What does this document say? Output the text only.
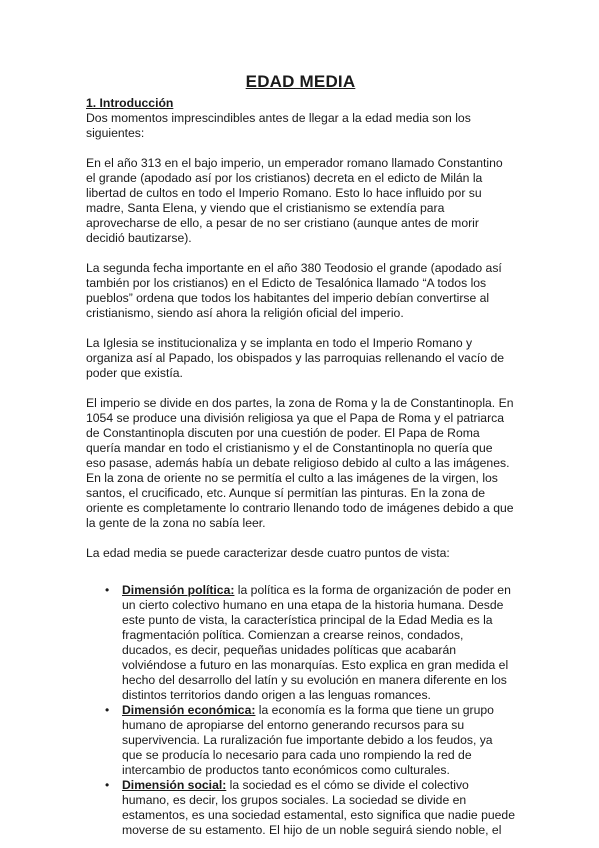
EDAD MEDIA
1. Introducción

Dos momentos imprescindibles antes de llegar a la edad media son los siguientes:

En el año 313 en el bajo imperio, un emperador romano llamado Constantino el grande (apodado así por los cristianos) decreta en el edicto de Milán la libertad de cultos en todo el Imperio Romano. Esto lo hace influido por su madre, Santa Elena, y viendo que el cristianismo se extendía para aprovecharse de ello, a pesar de no ser cristiano (aunque antes de morir decidió bautizarse).

La segunda fecha importante en el año 380 Teodosio el grande (apodado así también por los cristianos) en el Edicto de Tesalónica llamado “A todos los pueblos” ordena que todos los habitantes del imperio debían convertirse al cristianismo, siendo así ahora la religión oficial del imperio.

La Iglesia se institucionaliza y se implanta en todo el Imperio Romano y organiza así al Papado, los obispados y las parroquias rellenando el vacío de poder que existía.

El imperio se divide en dos partes, la zona de Roma y la de Constantinopla. En 1054 se produce una división religiosa ya que el Papa de Roma y el patriarca de Constantinopla discuten por una cuestión de poder. El Papa de Roma quería mandar en todo el cristianismo y el de Constantinopla no quería que eso pasase, además había un debate religioso debido al culto a las imágenes. En la zona de oriente no se permitía el culto a las imágenes de la virgen, los santos, el crucificado, etc. Aunque sí permitían las pinturas. En la zona de oriente es completamente lo contrario llenando todo de imágenes debido a que la gente de la zona no sabía leer.

La edad media se puede caracterizar desde cuatro puntos de vista:

• Dimensión política: la política es la forma de organización de poder en un cierto colectivo humano en una etapa de la historia humana. Desde este punto de vista, la característica principal de la Edad Media es la fragmentación política. Comienzan a crearse reinos, condados, ducados, es decir, pequeñas unidades políticas que acabarán volviéndose a futuro en las monarquías. Esto explica en gran medida el hecho del desarrollo del latín y su evolución en manera diferente en los distintos territorios dando origen a las lenguas romances.
• Dimensión económica: la economía es la forma que tiene un grupo humano de apropiarse del entorno generando recursos para su supervivencia. La ruralización fue importante debido a los feudos, ya que se producía lo necesario para cada uno rompiendo la red de intercambio de productos tanto económicos como culturales.
• Dimensión social: la sociedad es el cómo se divide el colectivo humano, es decir, los grupos sociales. La sociedad se divide en estamentos, es una sociedad estamental, esto significa que nadie puede moverse de su estamento. El hijo de un noble seguirá siendo noble, el
